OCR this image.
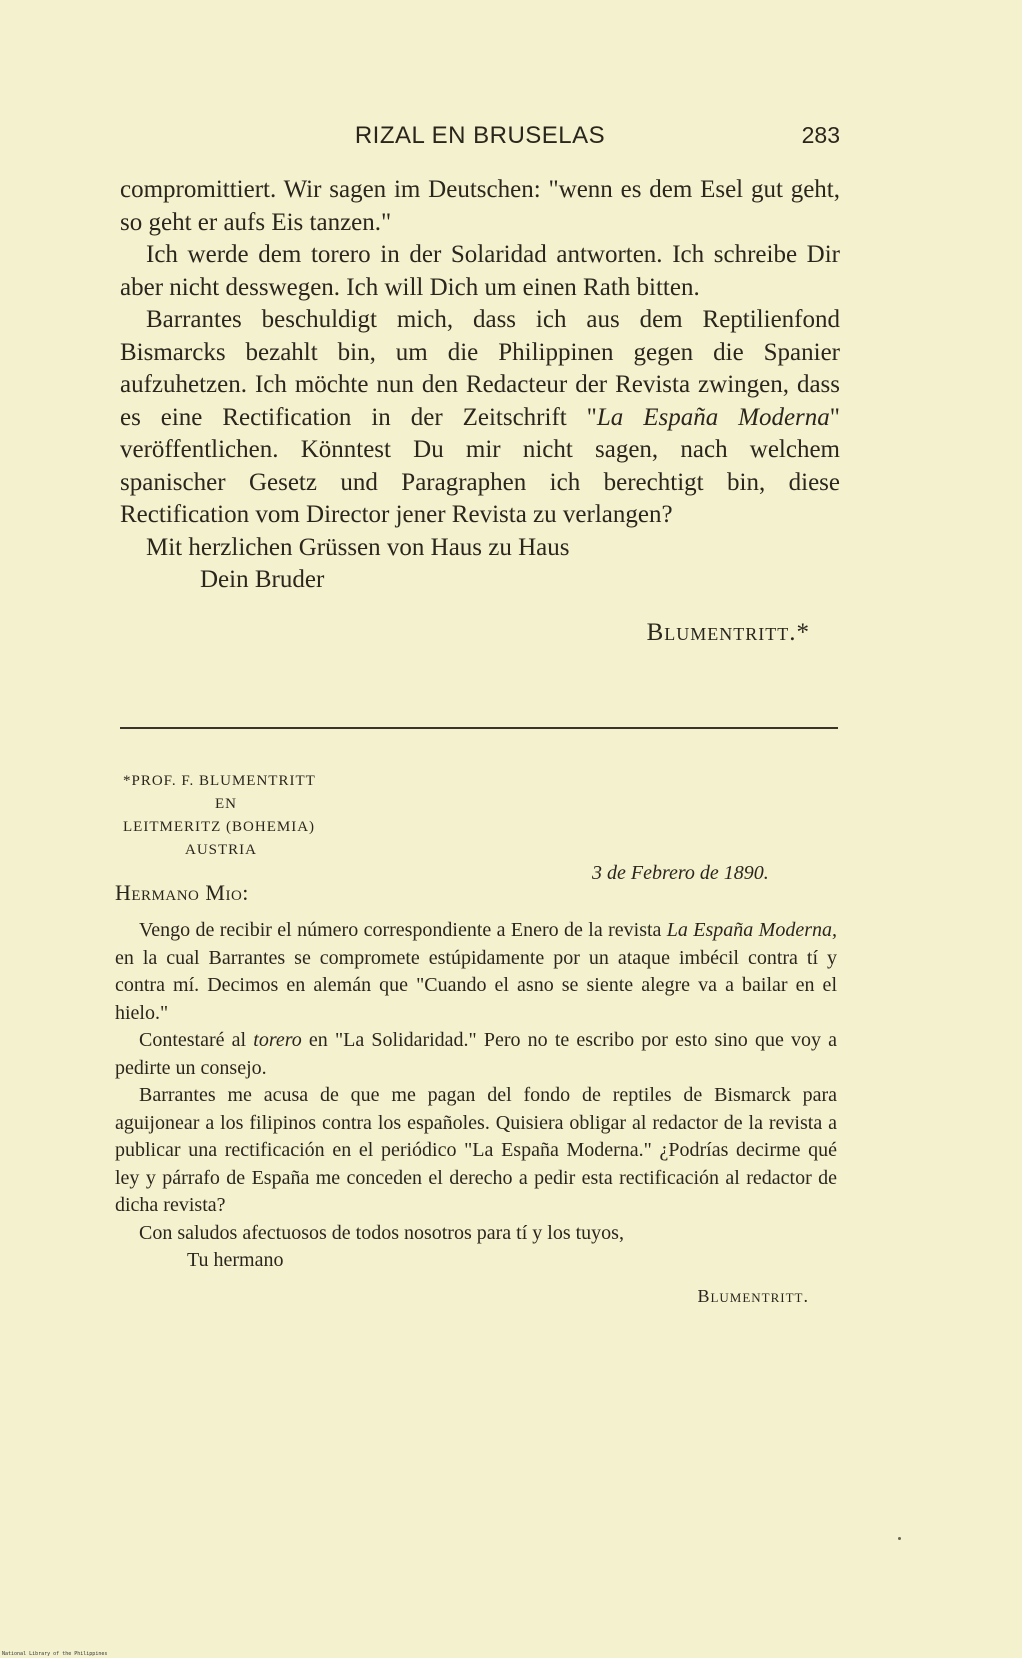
RIZAL EN BRUSELAS	283

compromittiert. Wir sagen im Deutschen: "wenn es dem Esel gut geht, so geht er aufs Eis tanzen."

Ich werde dem torero in der Solaridad antworten. Ich schreibe Dir aber nicht desswegen. Ich will Dich um einen Rath bitten.

Barrantes beschuldigt mich, dass ich aus dem Reptilienfond Bismarcks bezahlt bin, um die Philippinen gegen die Spanier aufzuhetzen. Ich möchte nun den Redacteur der Revista zwingen, dass es eine Rectification in der Zeitschrift "La España Moderna" veröffentlichen. Könntest Du mir nicht sagen, nach welchem spanischer Gesetz und Paragraphen ich berechtigt bin, diese Rectification vom Director jener Revista zu verlangen?

Mit herzlichen Grüssen von Haus zu Haus

Dein Bruder

Blumentritt.*

*PROF. F. BLUMENTRITT
EN
LEITMERITZ (BOHEMIA)
AUSTRIA
3 de Febrero de 1890.
Hermano Mio:

Vengo de recibir el número correspondiente a Enero de la revista La España Moderna, en la cual Barrantes se compromete estúpidamente por un ataque imbécil contra tí y contra mí. Decimos en alemán que "Cuando el asno se siente alegre va a bailar en el hielo."

Contestaré al torero en "La Solidaridad." Pero no te escribo por esto sino que voy a pedirte un consejo.

Barrantes me acusa de que me pagan del fondo de reptiles de Bismarck para aguijonear a los filipinos contra los españoles. Quisiera obligar al redactor de la revista a publicar una rectificación en el periódico "La España Moderna." ¿Podrías decirme qué ley y párrafo de España me conceden el derecho a pedir esta rectificación al redactor de dicha revista?

Con saludos afectuosos de todos nosotros para tí y los tuyos,

Tu hermano

Blumentritt.

National Library of the Philippines
